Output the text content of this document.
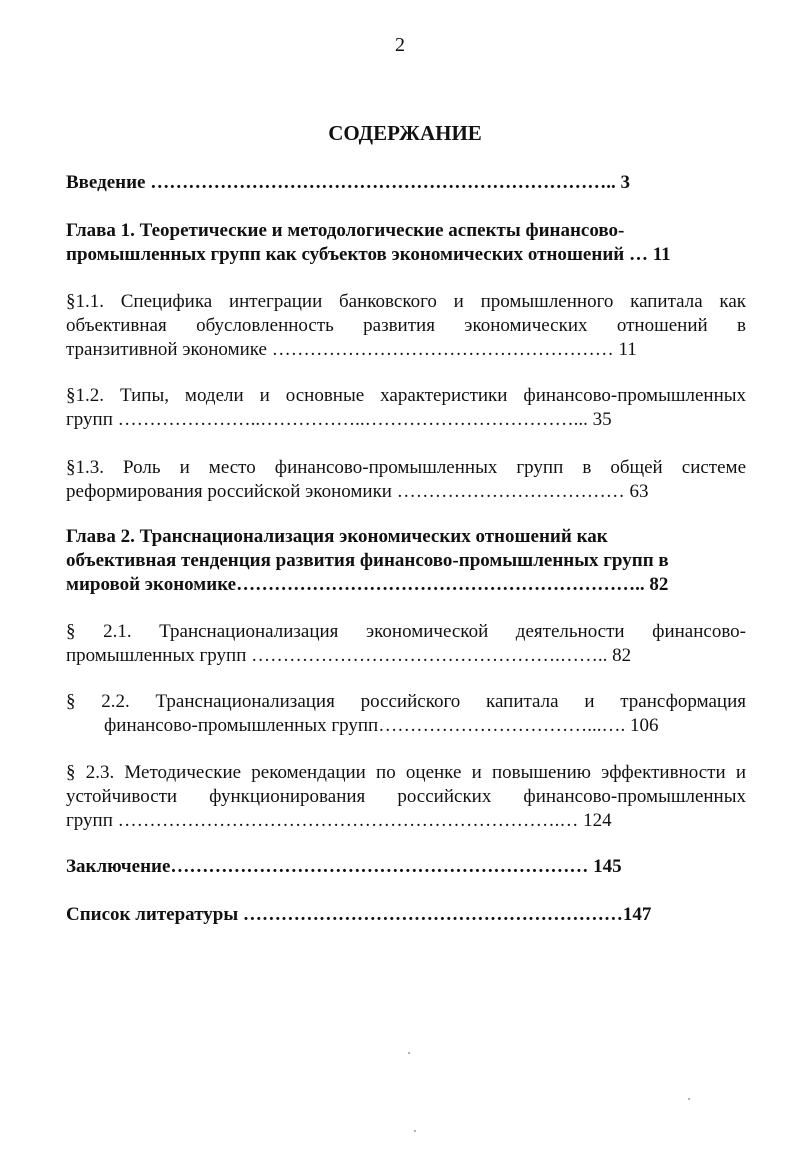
2
СОДЕРЖАНИЕ
Введение ……………………………………………………………….. 3
Глава 1. Теоретические и методологические аспекты финансово-
промышленных групп как субъектов экономических отношений … 11
§1.1. Специфика интеграции банковского и промышленного капитала как
объективная обусловленность развития экономических отношений в
транзитивной экономике ……………………………………………… 11
§1.2. Типы, модели и основные характеристики финансово-промышленных
групп …………………..……………..……………………………... 35
§1.3. Роль и место финансово-промышленных групп в общей системе
реформирования российской экономики ……………………………… 63
Глава 2. Транснационализация экономических отношений как
объективная тенденция развития финансово-промышленных групп в
мировой экономике……………………………………………………….. 82
§ 2.1. Транснационализация экономической деятельности финансово-
промышленных групп ………………………………………….…….. 82
§ 2.2. Транснационализация российского капитала и трансформация
финансово-промышленных групп……………………………...…. 106
§ 2.3. Методические рекомендации по оценке и повышению эффективности и
устойчивости функционирования российских финансово-промышленных
групп …………………………………………………………….… 124
Заключение………………………………………………………… 145
Список литературы ……………………………………………………147
